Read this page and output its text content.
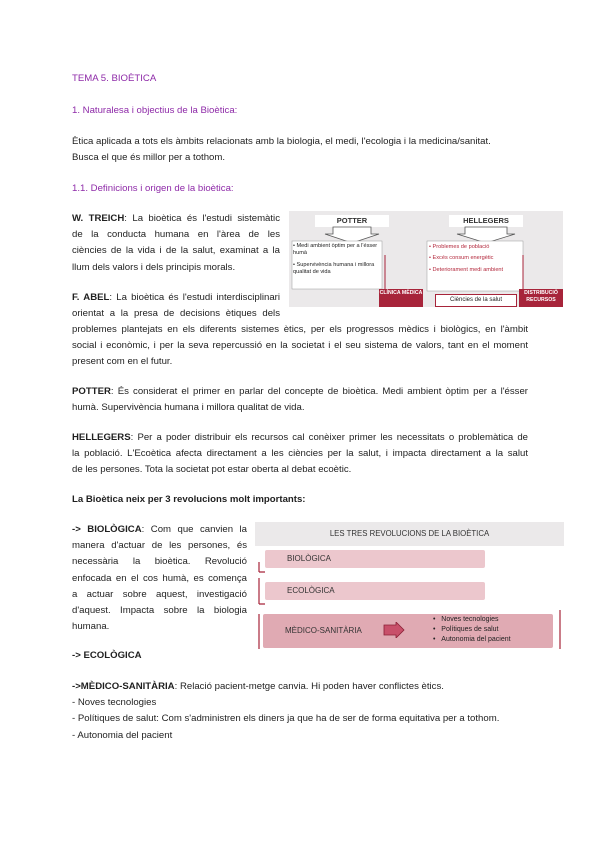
TEMA 5. BIOÈTICA
1. Naturalesa i objectius de la Bioètica:
Ètica aplicada a tots els àmbits relacionats amb la biologia, el medi, l'ecologia i la medicina/sanitat.
Busca el que és millor per a tothom.
1.1. Definicions i origen de la bioètica:
W. TREICH: La bioètica és l'estudi sistemàtic
de la conducta humana en l'àrea de les
ciències de la vida i de la salut, examinat a la
llum dels valors i dels principis morals.
F. ABEL: La bioètica és l'estudi interdisciplinari
orientat a la presa de decisions ètiques dels
problemes plantejats en els diferents sistemes ètics, per els progressos mèdics i biològics, en l'àmbit
social i econòmic, i per la seva repercussió en la societat i el seu sistema de valors, tant en el moment
present com en el futur.
POTTER: És considerat el primer en parlar del concepte de bioètica. Medi ambient òptim per a l'ésser
humà. Supervivència humana i millora qualitat de vida.
HELLEGERS: Per a poder distribuir els recursos cal conèixer primer les necessitats o problemàtica de
la població. L'Ecoètica afecta directament a les ciències per la salut, i impacta directament a la salut
de les persones. Tota la societat pot estar oberta al debat ecoètic.
La Bioètica neix per 3 revolucions molt importants:
-> BIOLÒGICA: Com que canvien la
manera d'actuar de les persones, és
necessària la bioètica. Revolució
enfocada en el cos humà, es comença
a actuar sobre aquest, investigació
d'aquest. Impacta sobre la biologia
humana.
-> ECOLÒGICA
->MÈDICO-SANITÀRIA: Relació pacient-metge canvia. Hi poden haver conflictes ètics.
- Noves tecnologies
- Polítiques de salut: Com s'administren els diners ja que ha de ser de forma equitativa per a tothom.
- Autonomia del pacient
POTTER	HELLEGERS
• Medi ambient òptim per a l'ésser humà
• Supervivència humana i millora qualitat de vida
• Problemes de població
• Excés consum energètic
• Deteriorament medi ambient
CLÍNICA MÈDICA
Ciències de la salut
DISTRIBUCIÓ RECURSOS
LES TRES REVOLUCIONS DE LA BIOÈTICA
BIOLÒGICA
ECOLÒGICA
MÈDICO-SANITÀRIA
•   Noves tecnologies
•   Polítiques de salut
•   Autonomia del pacient
